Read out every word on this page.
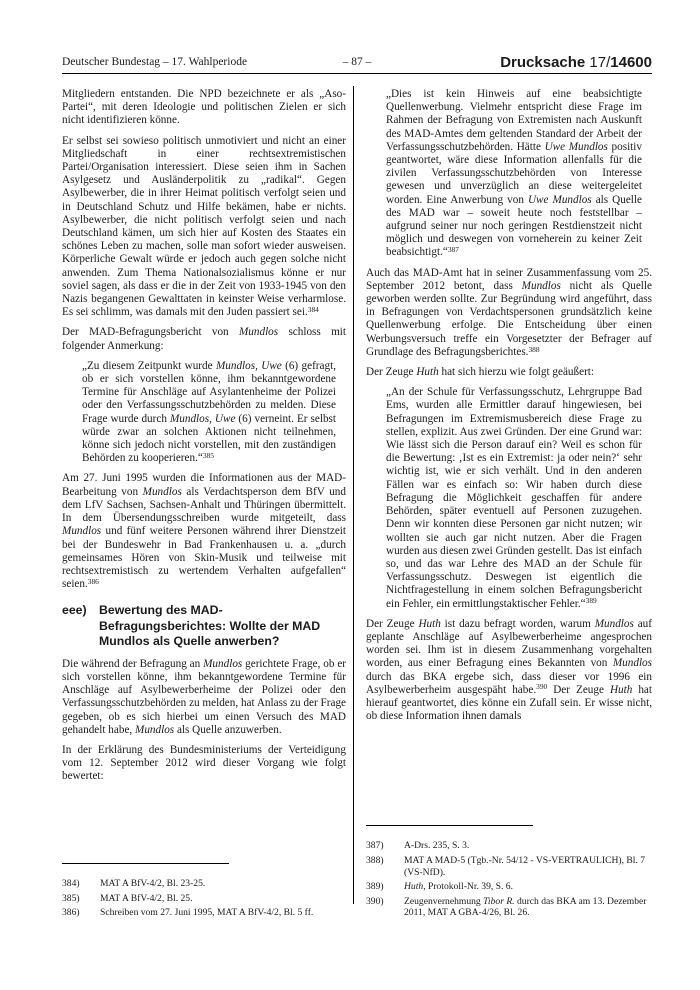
Deutscher Bundestag – 17. Wahlperiode	– 87 –	Drucksache 17/14600
Mitgliedern entstanden. Die NPD bezeichnete er als „Aso-Partei“, mit deren Ideologie und politischen Zielen er sich nicht identifizieren könne.
Er selbst sei sowieso politisch unmotiviert und nicht an einer Mitgliedschaft in einer rechtsextremistischen Partei/Organisation interessiert. Diese seien ihm in Sachen Asylgesetz und Ausländerpolitik zu „radikal“. Gegen Asylbewerber, die in ihrer Heimat politisch verfolgt seien und in Deutschland Schutz und Hilfe bekämen, habe er nichts. Asylbewerber, die nicht politisch verfolgt seien und nach Deutschland kämen, um sich hier auf Kosten des Staates ein schönes Leben zu machen, solle man sofort wieder ausweisen. Körperliche Gewalt würde er jedoch auch gegen solche nicht anwenden. Zum Thema Nationalsozialismus könne er nur soviel sagen, als dass er die in der Zeit von 1933-1945 von den Nazis begangenen Gewalttaten in keinster Weise verharmlose. Es sei schlimm, was damals mit den Juden passiert sei.$^{384}$
Der MAD-Befragungsbericht von Mundlos schloss mit folgender Anmerkung:
„Zu diesem Zeitpunkt wurde Mundlos, Uwe (6) gefragt, ob er sich vorstellen könne, ihm bekanntgewordene Termine für Anschläge auf Asylantenheime der Polizei oder den Verfassungsschutzbehörden zu melden. Diese Frage wurde durch Mundlos, Uwe (6) verneint. Er selbst würde zwar an solchen Aktionen nicht teilnehmen, könne sich jedoch nicht vorstellen, mit den zuständigen Behörden zu kooperieren.“$^{385}$
Am 27. Juni 1995 wurden die Informationen aus der MAD-Bearbeitung von Mundlos als Verdachtsperson dem BfV und dem LfV Sachsen, Sachsen-Anhalt und Thüringen übermittelt. In dem Übersendungsschreiben wurde mitgeteilt, dass Mundlos und fünf weitere Personen während ihrer Dienstzeit bei der Bundeswehr in Bad Frankenhausen u. a. „durch gemeinsames Hören von Skin-Musik und teilweise mit rechtsextremistisch zu wertendem Verhalten aufgefallen“ seien.$^{386}$
eee)	Bewertung des MAD-Befragungsberichtes: Wollte der MAD Mundlos als Quelle anwerben?
Die während der Befragung an Mundlos gerichtete Frage, ob er sich vorstellen könne, ihm bekanntgewordene Termine für Anschläge auf Asylbewerberheime der Polizei oder den Verfassungsschutzbehörden zu melden, hat Anlass zu der Frage gegeben, ob es sich hierbei um einen Versuch des MAD gehandelt habe, Mundlos als Quelle anzuwerben.
In der Erklärung des Bundesministeriums der Verteidigung vom 12. September 2012 wird dieser Vorgang wie folgt bewertet:
384)	MAT A BfV-4/2, Bl. 23-25.
385)	MAT A BfV-4/2, Bl. 25.
386)	Schreiben vom 27. Juni 1995, MAT A BfV-4/2, Bl. 5 ff.
„Dies ist kein Hinweis auf eine beabsichtigte Quellenwerbung. Vielmehr entspricht diese Frage im Rahmen der Befragung von Extremisten nach Auskunft des MAD-Amtes dem geltenden Standard der Arbeit der Verfassungsschutzbehörden. Hätte Uwe Mundlos positiv geantwortet, wäre diese Information allenfalls für die zivilen Verfassungsschutzbehörden von Interesse gewesen und unverzüglich an diese weitergeleitet worden. Eine Anwerbung von Uwe Mundlos als Quelle des MAD war – soweit heute noch feststellbar – aufgrund seiner nur noch geringen Restdienstzeit nicht möglich und deswegen von vorneherein zu keiner Zeit beabsichtigt.“$^{387}$
Auch das MAD-Amt hat in seiner Zusammenfassung vom 25. September 2012 betont, dass Mundlos nicht als Quelle geworben werden sollte. Zur Begründung wird angeführt, dass in Befragungen von Verdachtspersonen grundsätzlich keine Quellenwerbung erfolge. Die Entscheidung über einen Werbungsversuch treffe ein Vorgesetzter der Befrager auf Grundlage des Befragungsberichtes.$^{388}$
Der Zeuge Huth hat sich hierzu wie folgt geäußert:
„An der Schule für Verfassungsschutz, Lehrgruppe Bad Ems, wurden alle Ermittler darauf hingewiesen, bei Befragungen im Extremismusbereich diese Frage zu stellen, explizit. Aus zwei Gründen. Der eine Grund war: Wie lässt sich die Person darauf ein? Weil es schon für die Bewertung: ‚Ist es ein Extremist: ja oder nein?‘ sehr wichtig ist, wie er sich verhält. Und in den anderen Fällen war es einfach so: Wir haben durch diese Befragung die Möglichkeit geschaffen für andere Behörden, später eventuell auf Personen zuzugehen. Denn wir konnten diese Personen gar nicht nutzen; wir wollten sie auch gar nicht nutzen. Aber die Fragen wurden aus diesen zwei Gründen gestellt. Das ist einfach so, und das war Lehre des MAD an der Schule für Verfassungsschutz. Deswegen ist eigentlich die Nichtfragestellung in einem solchen Befragungsbericht ein Fehler, ein ermittlungstaktischer Fehler.“$^{389}$
Der Zeuge Huth ist dazu befragt worden, warum Mundlos auf geplante Anschläge auf Asylbewerberheime angesprochen worden sei. Ihm ist in diesem Zusammenhang vorgehalten worden, aus einer Befragung eines Bekannten von Mundlos durch das BKA ergebe sich, dass dieser vor 1996 ein Asylbewerberheim ausgespäht habe.$^{390}$ Der Zeuge Huth hat hierauf geantwortet, dies könne ein Zufall sein. Er wisse nicht, ob diese Information ihnen damals
387)	A-Drs. 235, S. 3.
388)	MAT A MAD-5 (Tgb.-Nr. 54/12 - VS-VERTRAULICH), Bl. 7 (VS-NfD).
389)	Huth, Protokoll-Nr. 39, S. 6.
390)	Zeugenvernehmung Tibor R. durch das BKA am 13. Dezember 2011, MAT A GBA-4/26, Bl. 26.
